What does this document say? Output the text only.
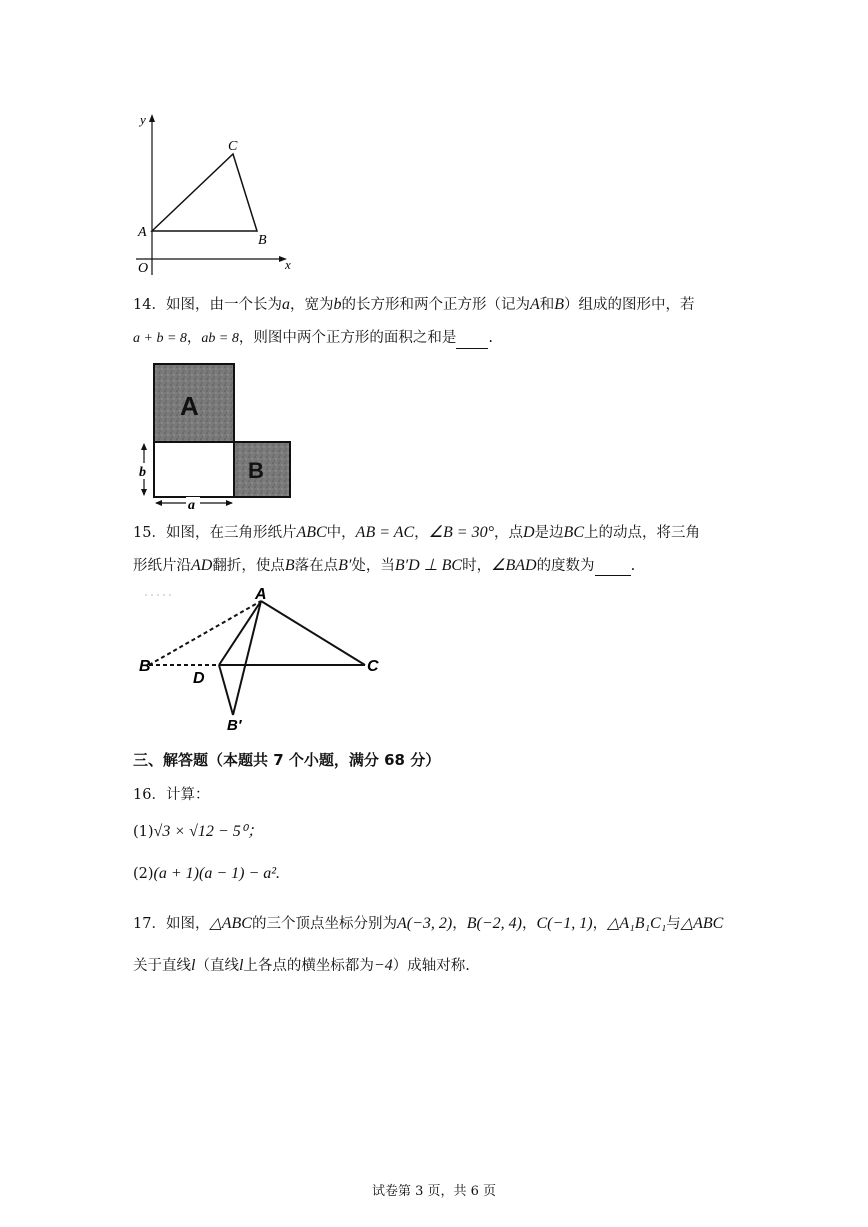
y
x
O
A
B
C
14．如图，由一个长为a，宽为b的长方形和两个正方形（记为A和B）组成的图形中，若
a + b = 8，ab = 8，则图中两个正方形的面积之和是 .
A
B
b
a
15．如图，在三角形纸片ABC中，AB = AC，∠B = 30°，点D是边BC上的动点，将三角
形纸片沿AD翻折，使点B落在点B′处，当B′D ⊥ BC时，∠BAD的度数为 .
A
B	C
D
B′
三、解答题（本题共 7 个小题，满分 68 分）
16．计算：
(1)√3 × √12 − 5⁰；
(2)(a + 1)(a − 1) − a².
17．如图，△ABC的三个顶点坐标分别为A(−3, 2)，B(−2, 4)，C(−1, 1)，△A₁B₁C₁与△ABC
关于直线l（直线l上各点的横坐标都为−4）成轴对称.
试卷第 3 页，共 6 页
